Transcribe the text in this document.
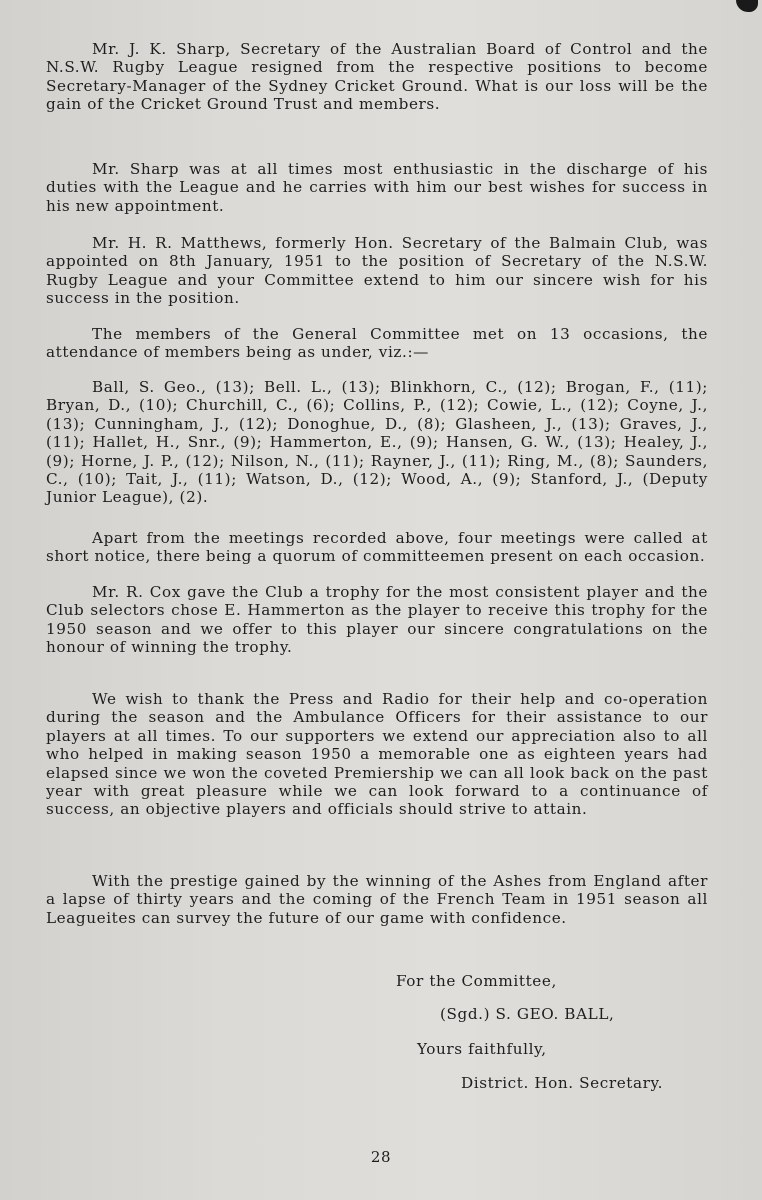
Mr. J. K. Sharp, Secretary of the Australian Board of Control and the N.S.W. Rugby League resigned from the respective positions to become Secretary-Manager of the Sydney Cricket Ground. What is our loss will be the gain of the Cricket Ground Trust and members.

Mr. Sharp was at all times most enthusiastic in the discharge of his duties with the League and he carries with him our best wishes for success in his new appointment.

Mr. H. R. Matthews, formerly Hon. Secretary of the Balmain Club, was appointed on 8th January, 1951 to the position of Secretary of the N.S.W. Rugby League and your Committee extend to him our sincere wish for his success in the position.

The members of the General Committee met on 13 occasions, the attendance of members being as under, viz.:—

Ball, S. Geo., (13); Bell. L., (13); Blinkhorn, C., (12); Brogan, F., (11); Bryan, D., (10); Churchill, C., (6); Collins, P., (12); Cowie, L., (12); Coyne, J., (13); Cunningham, J., (12); Donoghue, D., (8); Glasheen, J., (13); Graves, J., (11); Hallet, H., Snr., (9); Hammerton, E., (9); Hansen, G. W., (13); Healey, J., (9); Horne, J. P., (12); Nilson, N., (11); Rayner, J., (11); Ring, M., (8); Saunders, C., (10); Tait, J., (11); Watson, D., (12); Wood, A., (9); Stanford, J., (Deputy Junior League), (2).

Apart from the meetings recorded above, four meetings were called at short notice, there being a quorum of committeemen present on each occasion.

Mr. R. Cox gave the Club a trophy for the most consistent player and the Club selectors chose E. Hammerton as the player to receive this trophy for the 1950 season and we offer to this player our sincere congratulations on the honour of winning the trophy.

We wish to thank the Press and Radio for their help and co-operation during the season and the Ambulance Officers for their assistance to our players at all times. To our supporters we extend our appreciation also to all who helped in making season 1950 a memorable one as eighteen years had elapsed since we won the coveted Premiership we can all look back on the past year with great pleasure while we can look forward to a continuance of success, an objective players and officials should strive to attain.

With the prestige gained by the winning of the Ashes from England after a lapse of thirty years and the coming of the French Team in 1951 season all Leagueites can survey the future of our game with confidence.

For the Committee,

(Sgd.) S. GEO. BALL,

Yours faithfully,

District. Hon. Secretary.

28
